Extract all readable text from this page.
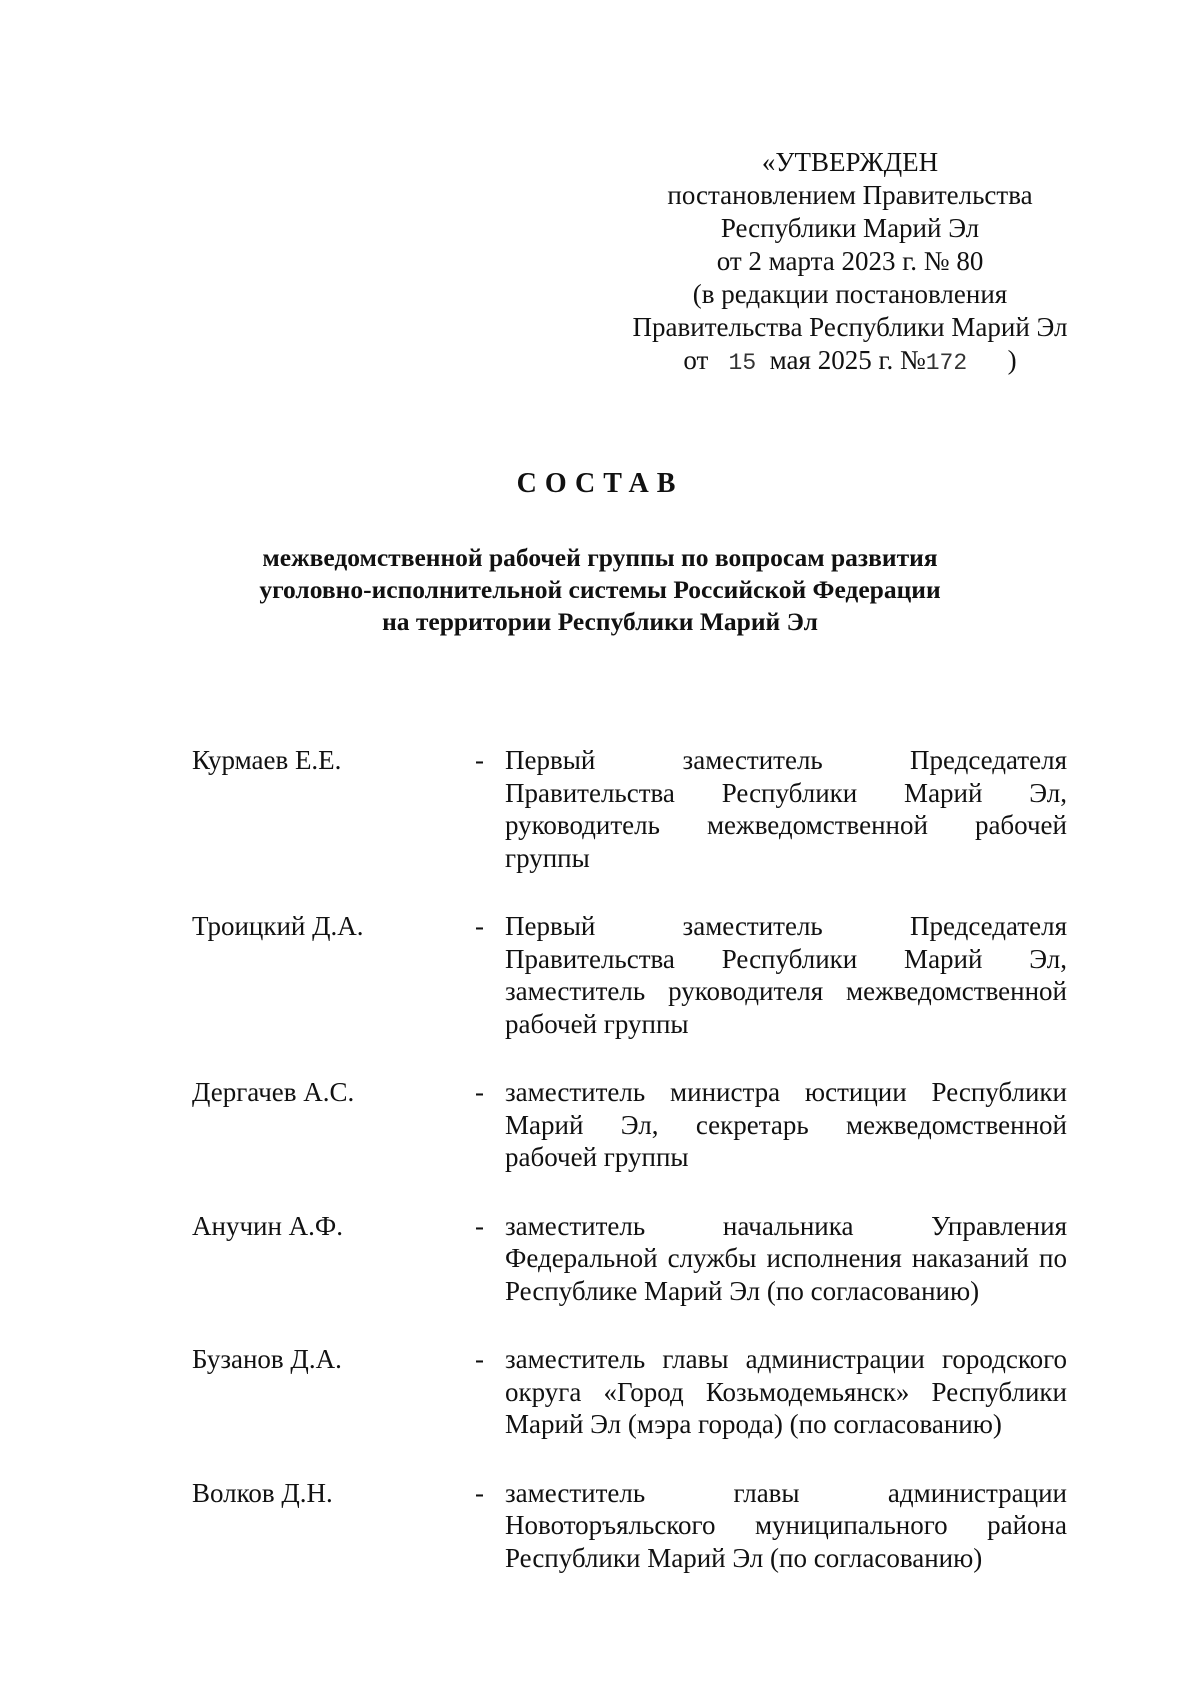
«УТВЕРЖДЕН
постановлением Правительства
Республики Марий Эл
от 2 марта 2023 г. № 80
(в редакции постановления
Правительства Республики Марий Эл
от 15 мая 2025 г. №172 )
СОСТАВ
межведомственной рабочей группы по вопросам развития
уголовно-исполнительной системы Российской Федерации
на территории Республики Марий Эл
Курмаев Е.Е.	- Первый заместитель Председателя Правительства Республики Марий Эл, руководитель межведомственной рабочей группы
Троицкий Д.А.	- Первый заместитель Председателя Правительства Республики Марий Эл, заместитель руководителя межведомственной рабочей группы
Дергачев А.С.	- заместитель министра юстиции Республики Марий Эл, секретарь межведомственной рабочей группы
Анучин А.Ф.	- заместитель начальника Управления Федеральной службы исполнения наказаний по Республике Марий Эл (по согласованию)
Бузанов Д.А.	- заместитель главы администрации городского округа «Город Козьмодемьянск» Республики Марий Эл (мэра города) (по согласованию)
Волков Д.Н.	- заместитель главы администрации Новоторъяльского муниципального района Республики Марий Эл (по согласованию)
